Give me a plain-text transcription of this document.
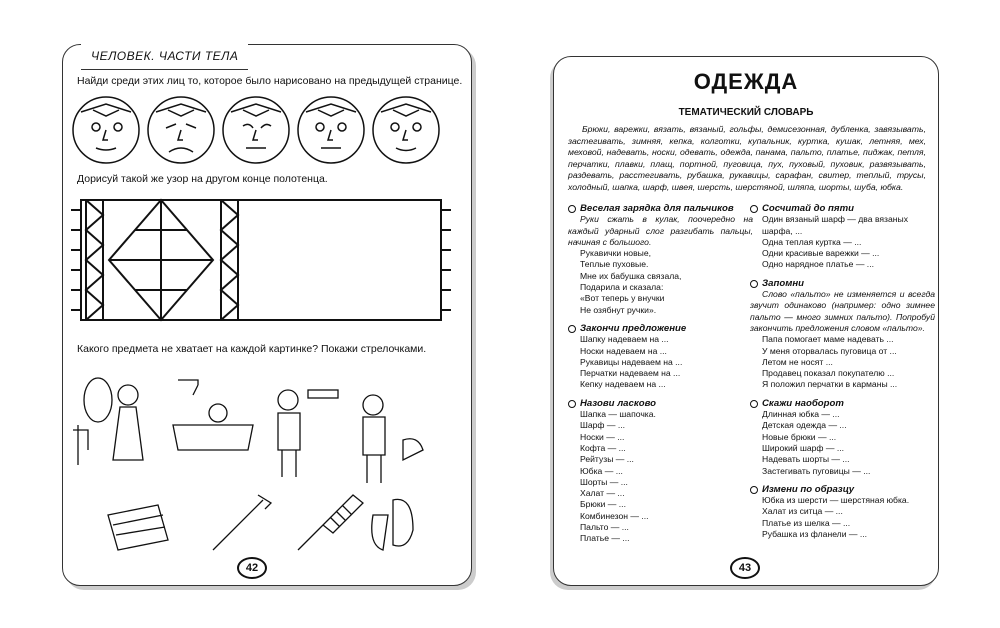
ЧЕЛОВЕК. ЧАСТИ ТЕЛА
Найди среди этих лиц то, которое было нарисовано на предыдущей странице.
Дорисуй такой же узор на другом конце полотенца.
Какого предмета не хватает на каждой картинке? Покажи стрелочками.
42
ОДЕЖДА
ТЕМАТИЧЕСКИЙ СЛОВАРЬ
Брюки, варежки, вязать, вязаный, гольфы, демисезонная, дубленка, завязывать, застегивать, зимняя, кепка, колготки, купальник, куртка, кушак, летняя, мех, меховой, надевать, носки, одевать, одежда, панама, пальто, платье, пиджак, петля, перчатки, плавки, плащ, портной, пуговица, пух, пуховый, пуховик, развязывать, раздевать, расстегивать, рубашка, рукавицы, сарафан, свитер, теплый, трусы, холодный, шапка, шарф, швея, шерсть, шерстяной, шляпа, шорты, шуба, юбка.
Веселая зарядка для пальчиков
Руки сжать в кулак, поочередно на каждый ударный слог разгибать пальцы, начиная с большого.
Рукавички новые,
Теплые пуховые.
Мне их бабушка связала,
Подарила и сказала:
«Вот теперь у внучки
Не озябнут ручки».
Закончи предложение
Шапку надеваем на ...
Носки надеваем на ...
Рукавицы надеваем на ...
Перчатки надеваем на ...
Кепку надеваем на ...
Назови ласково
Шапка — шапочка.
Шарф — ...
Носки — ...
Кофта — ...
Рейтузы — ...
Юбка — ...
Шорты — ...
Халат — ...
Брюки — ...
Комбинезон — ...
Пальто — ...
Платье — ...
Сосчитай до пяти
Один вязаный шарф — два вязаных шарфа, ...
Одна теплая куртка — ...
Одни красивые варежки — ...
Одно нарядное платье — ...
Запомни
Слово «пальто» не изменяется и всегда звучит одинаково (например: одно зимнее пальто — много зимних пальто). Попробуй закончить предложения словом «пальто».
Папа помогает маме надевать ...
У меня оторвалась пуговица от ...
Летом не носят ...
Продавец показал покупателю ...
Я положил перчатки в карманы ...
Скажи наоборот
Длинная юбка — ...
Детская одежда — ...
Новые брюки — ...
Широкий шарф — ...
Надевать шорты — ...
Застегивать пуговицы — ...
Измени по образцу
Юбка из шерсти — шерстяная юбка.
Халат из ситца — ...
Платье из шелка — ...
Рубашка из фланели — ...
43
